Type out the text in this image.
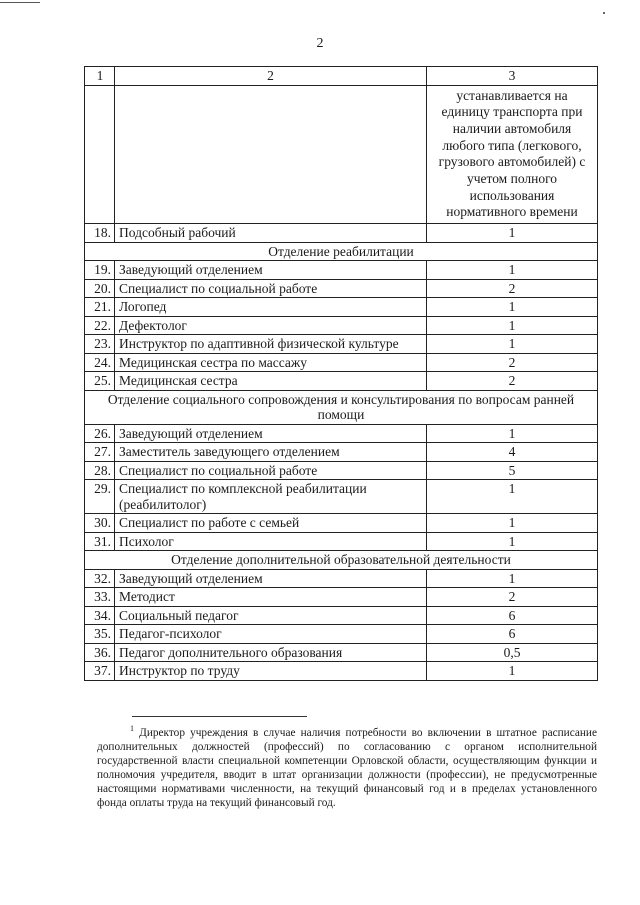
2
1	2	3
		устанавливается на единицу транспорта при наличии автомобиля любого типа (легкового, грузового автомобилей) с учетом полного использования нормативного времени
18.	Подсобный рабочий	1
Отделение реабилитации		
19.	Заведующий отделением	1
20.	Специалист по социальной работе	2
21.	Логопед	1
22.	Дефектолог	1
23.	Инструктор по адаптивной физической культуре	1
24.	Медицинская сестра по массажу	2
25.	Медицинская сестра	2
Отделение социального сопровождения и консультирования по вопросам ранней помощи		
26.	Заведующий отделением	1
27.	Заместитель заведующего отделением	4
28.	Специалист по социальной работе	5
29.	Специалист по комплексной реабилитации (реабилитолог)	1
30.	Специалист по работе с семьей	1
31.	Психолог	1
Отделение дополнительной образовательной деятельности		
32.	Заведующий отделением	1
33.	Методист	2
34.	Социальный педагог	6
35.	Педагог-психолог	6
36.	Педагог дополнительного образования	0,5
37.	Инструктор по труду	1
$^1$ Директор учреждения в случае наличия потребности во включении в штатное расписание дополнительных должностей (профессий) по согласованию с органом исполнительной государственной власти специальной компетенции Орловской области, осуществляющим функции и полномочия учредителя, вводит в штат организации должности (профессии), не предусмотренные настоящими нормативами численности, на текущий финансовый год и в пределах установленного фонда оплаты труда на текущий финансовый год.
